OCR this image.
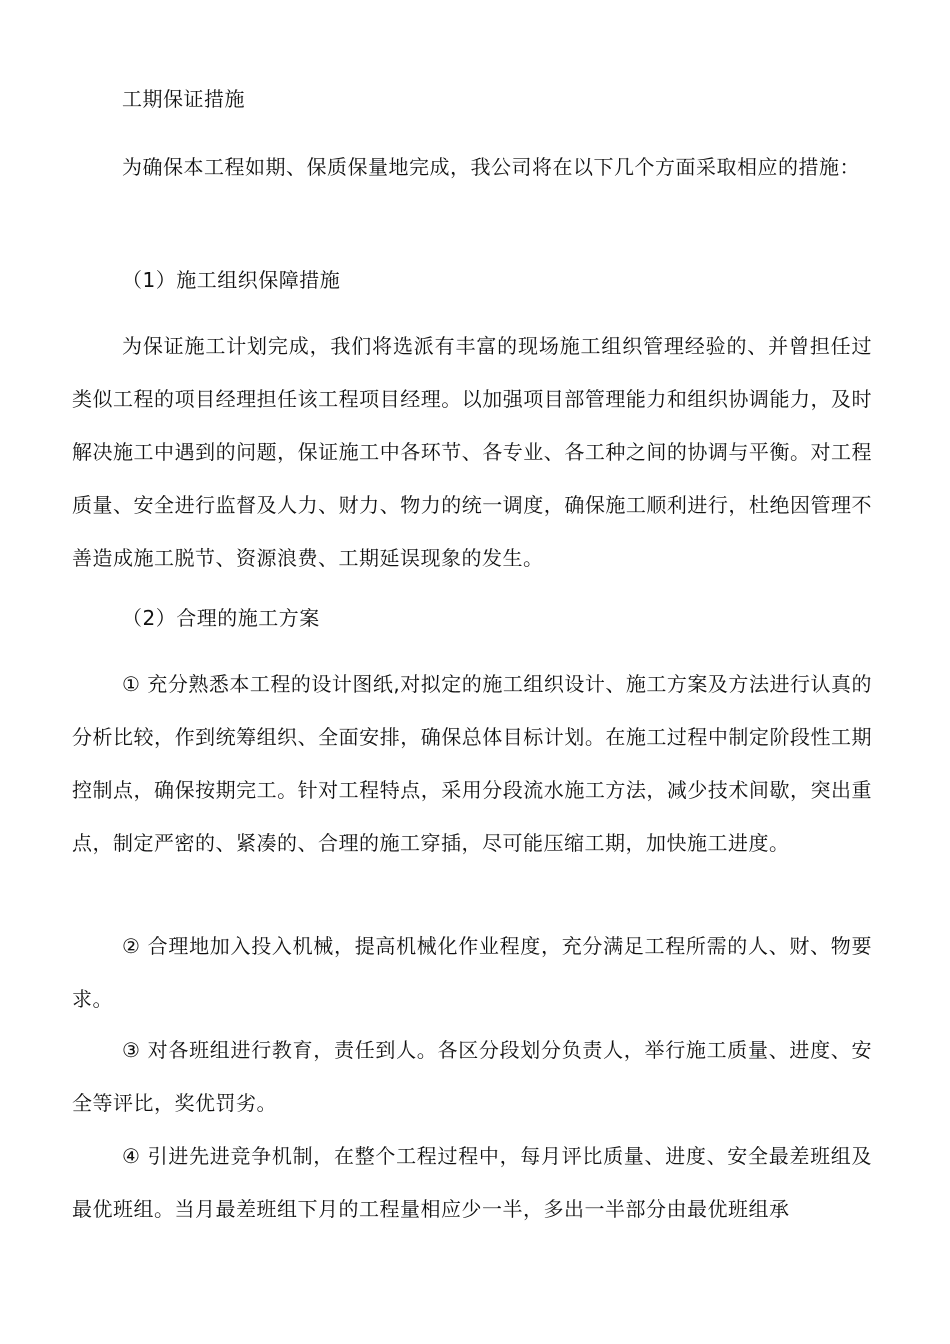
工期保证措施

为确保本工程如期、保质保量地完成，我公司将在以下几个方面采取相应的措施：

（1）施工组织保障措施

为保证施工计划完成，我们将选派有丰富的现场施工组织管理经验的、并曾担任过类似工程的项目经理担任该工程项目经理。以加强项目部管理能力和组织协调能力，及时解决施工中遇到的问题，保证施工中各环节、各专业、各工种之间的协调与平衡。对工程质量、安全进行监督及人力、财力、物力的统一调度，确保施工顺利进行，杜绝因管理不善造成施工脱节、资源浪费、工期延误现象的发生。

（2）合理的施工方案

① 充分熟悉本工程的设计图纸,对拟定的施工组织设计、施工方案及方法进行认真的分析比较，作到统筹组织、全面安排，确保总体目标计划。在施工过程中制定阶段性工期控制点，确保按期完工。针对工程特点，采用分段流水施工方法，减少技术间歇，突出重点，制定严密的、紧凑的、合理的施工穿插，尽可能压缩工期，加快施工进度。

② 合理地加入投入机械，提高机械化作业程度，充分满足工程所需的人、财、物要求。

③ 对各班组进行教育，责任到人。各区分段划分负责人，举行施工质量、进度、安全等评比，奖优罚劣。

④ 引进先进竞争机制，在整个工程过程中，每月评比质量、进度、安全最差班组及最优班组。当月最差班组下月的工程量相应少一半，多出一半部分由最优班组承
